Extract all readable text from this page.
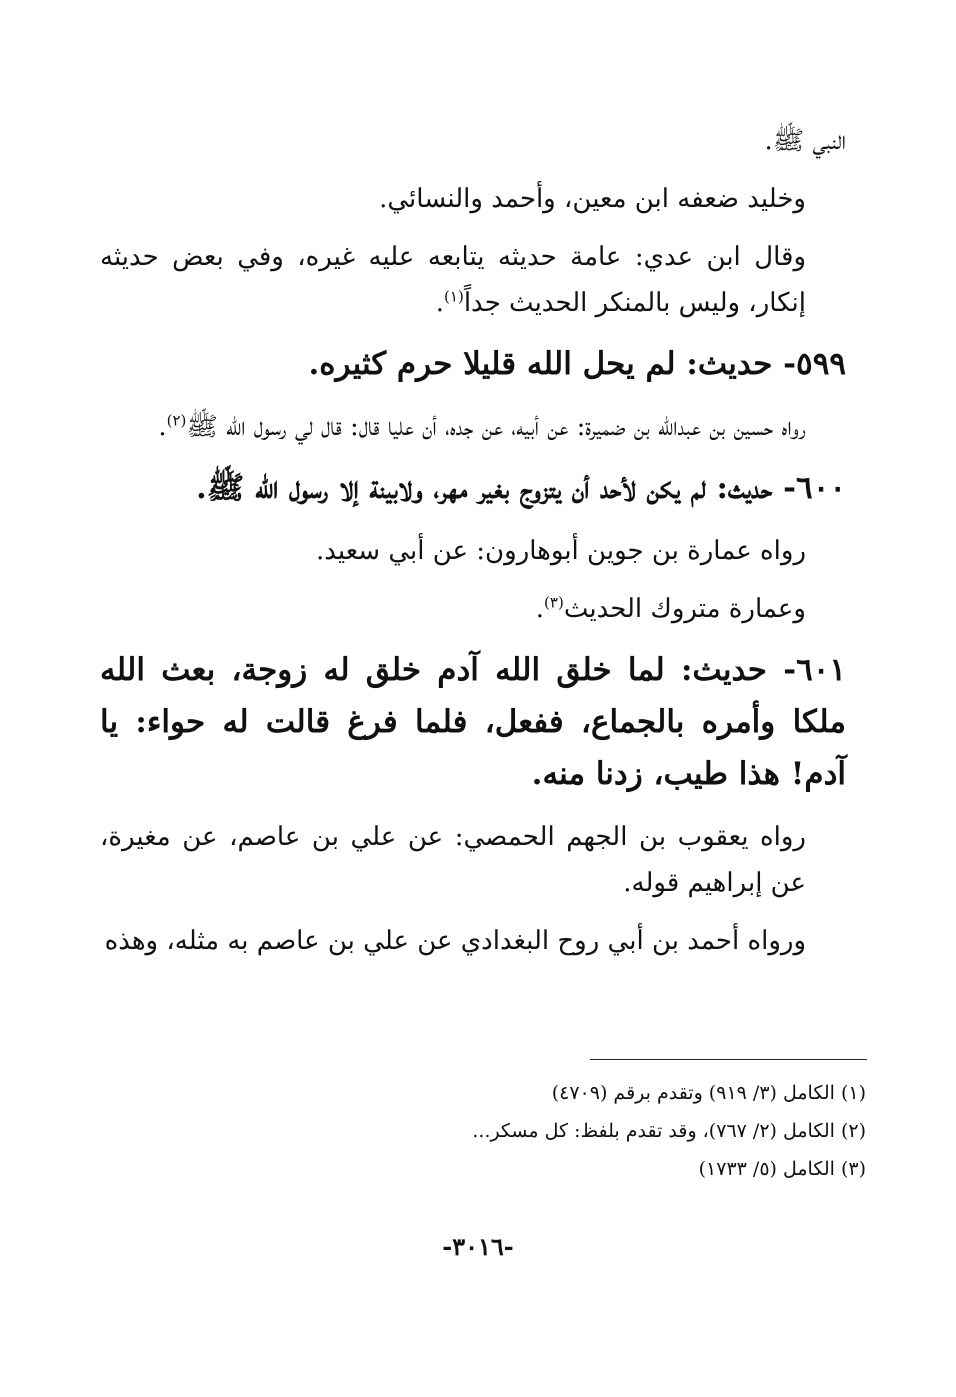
النبي ﷺ.

وخليد ضعفه ابن معين، وأحمد والنسائي.

وقال ابن عدي: عامة حديثه يتابعه عليه غيره، وفي بعض حديثه إنكار، وليس بالمنكر الحديث جداً$^{(١)}$.

٥٩٩- حديث: لم يحل الله قليلا حرم كثيره.

رواه حسين بن عبدالله بن ضميرة: عن أبيه، عن جده، أن عليا قال: قال لي رسول الله ﷺ$^{(٢)}$.

٦٠٠- حديث: لم يكن لأحد أن يتزوج بغير مهر، ولابينة إلا رسول الله ﷺ.

رواه عمارة بن جوين أبوهارون: عن أبي سعيد.

وعمارة متروك الحديث$^{(٣)}$.

٦٠١- حديث: لما خلق الله آدم خلق له زوجة، بعث الله ملكا وأمره بالجماع، ففعل، فلما فرغ قالت له حواء: يا آدم! هذا طيب، زدنا منه.

رواه يعقوب بن الجهم الحمصي: عن علي بن عاصم، عن مغيرة، عن إبراهيم قوله.

ورواه أحمد بن أبي روح البغدادي عن علي بن عاصم به مثله، وهذه

(١) الكامل (٣/ ٩١٩) وتقدم برقم (٤٧٠٩)

(٢) الكامل (٢/ ٧٦٧)، وقد تقدم بلفظ: كل مسكر...

(٣) الكامل (٥/ ١٧٣٣)

-٣٠١٦-
